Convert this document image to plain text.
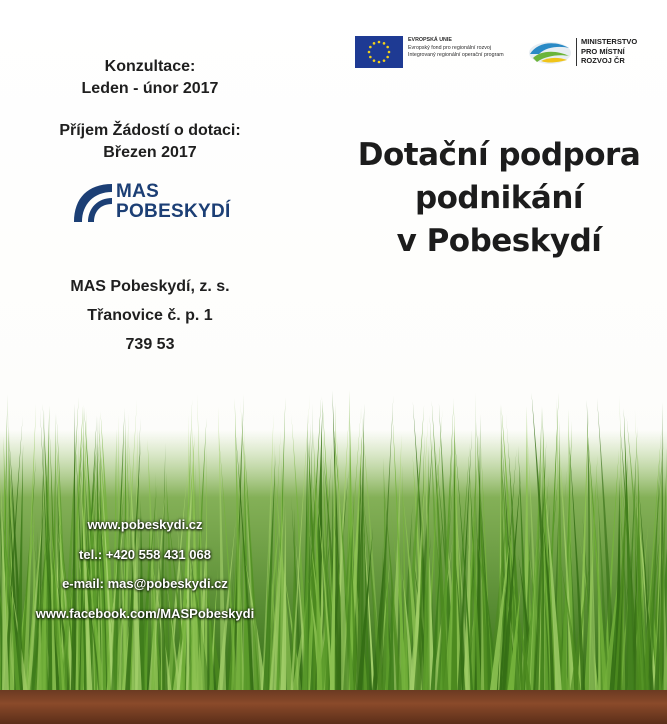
Konzultace:
Leden - únor 2017
Příjem Žádostí o dotaci:
Březen 2017
MAS
POBESKYDÍ
MAS Pobeskydí, z. s.
Třanovice č. p. 1
739 53
www.pobeskydi.cz
tel.: +420 558 431 068
e-mail: mas@pobeskydi.cz
www.facebook.com/MASPobeskydi
EVROPSKÁ UNIE
Evropský fond pro regionální rozvoj
Integrovaný regionální operační program
MINISTERSTVO
PRO MÍSTNÍ
ROZVOJ ČR
Dotační podpora
podnikání
v Pobeskydí
